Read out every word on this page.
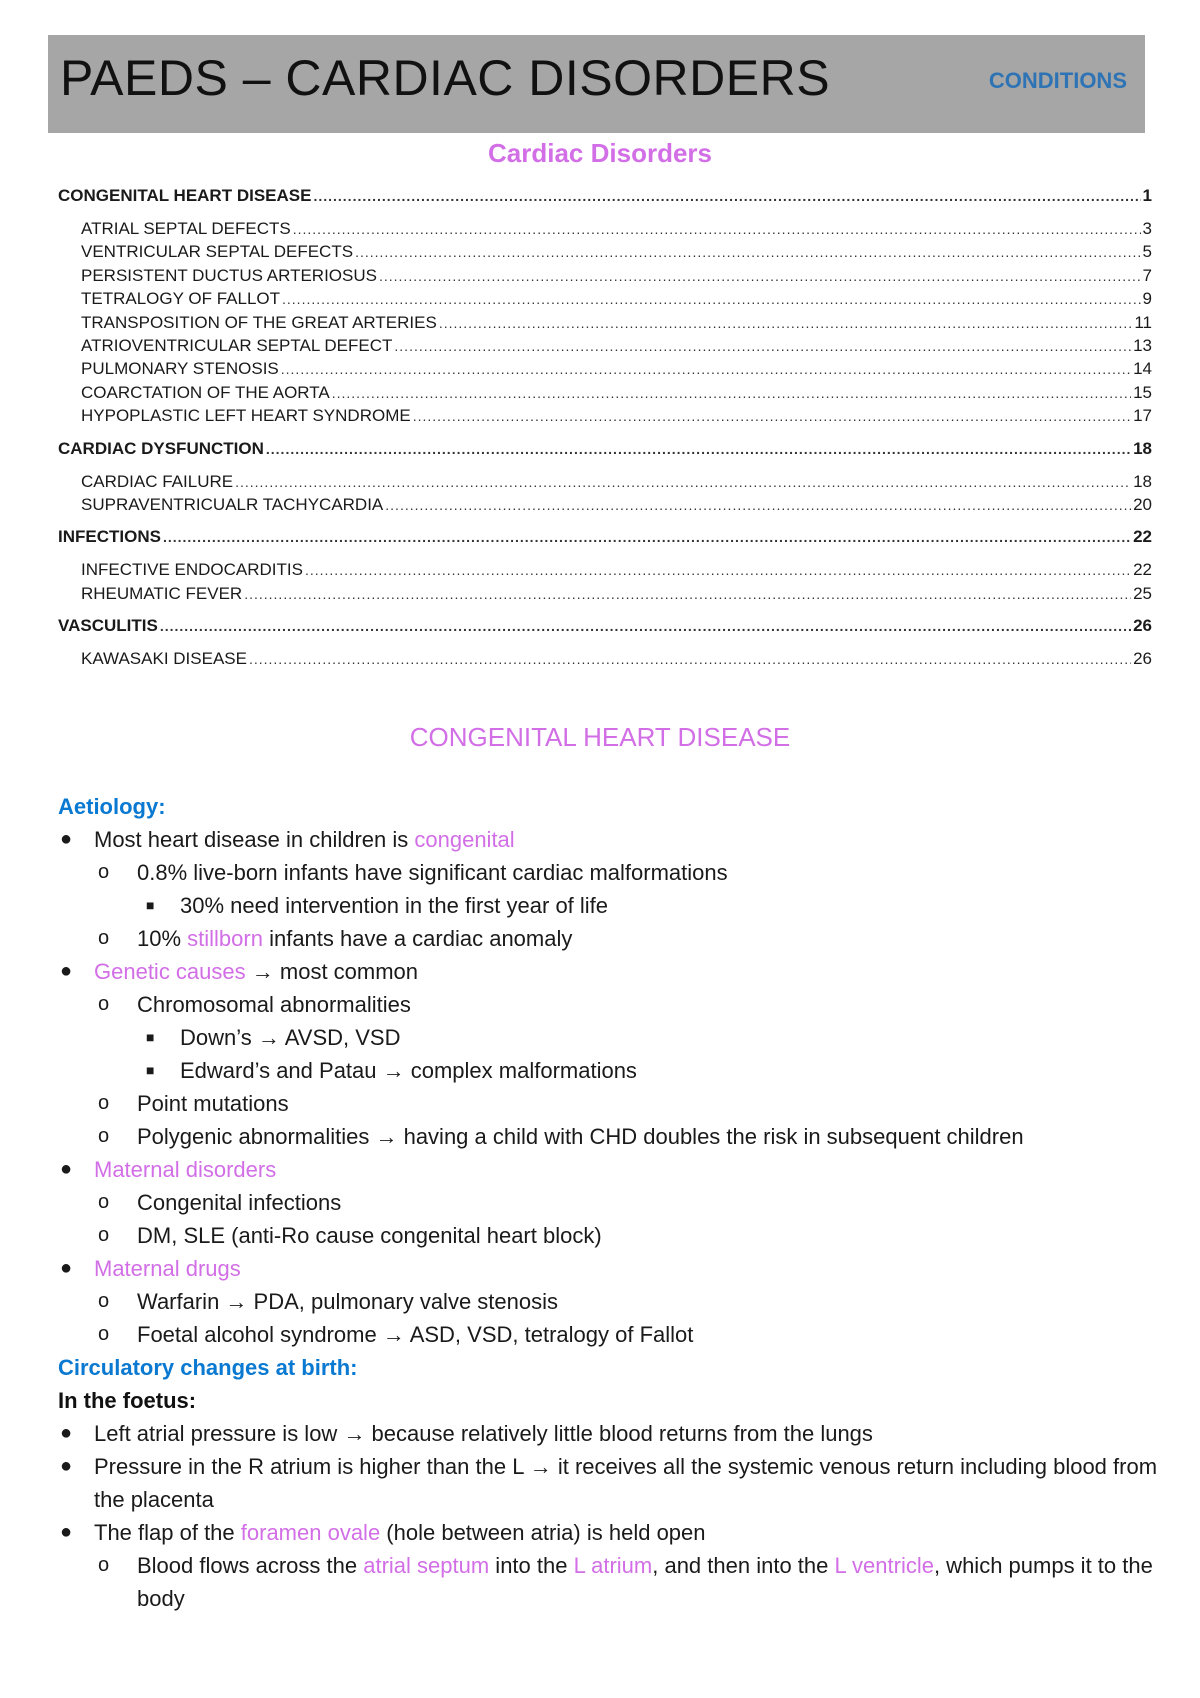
PAEDS – CARDIAC DISORDERS	CONDITIONS
Cardiac Disorders
CONGENITAL HEART DISEASE .....	1
ATRIAL SEPTAL DEFECTS .....	3
VENTRICULAR SEPTAL DEFECTS .....	5
PERSISTENT DUCTUS ARTERIOSUS .....	7
TETRALOGY OF FALLOT .....	9
TRANSPOSITION OF THE GREAT ARTERIES .....	11
ATRIOVENTRICULAR SEPTAL DEFECT .....	13
PULMONARY STENOSIS .....	14
COARCTATION OF THE AORTA .....	15
HYPOPLASTIC LEFT HEART SYNDROME .....	17
CARDIAC DYSFUNCTION .....	18
CARDIAC FAILURE .....	18
SUPRAVENTRICUALR TACHYCARDIA .....	20
INFECTIONS .....	22
INFECTIVE ENDOCARDITIS .....	22
RHEUMATIC FEVER .....	25
VASCULITIS .....	26
KAWASAKI DISEASE .....	26
CONGENITAL HEART DISEASE
Aetiology:
● Most heart disease in children is congenital
o 0.8% live-born infants have significant cardiac malformations
■ 30% need intervention in the first year of life
o 10% stillborn infants have a cardiac anomaly
● Genetic causes → most common
o Chromosomal abnormalities
■ Down’s → AVSD, VSD
■ Edward’s and Patau → complex malformations
o Point mutations
o Polygenic abnormalities → having a child with CHD doubles the risk in subsequent children
● Maternal disorders
o Congenital infections
o DM, SLE (anti-Ro cause congenital heart block)
● Maternal drugs
o Warfarin → PDA, pulmonary valve stenosis
o Foetal alcohol syndrome → ASD, VSD, tetralogy of Fallot
Circulatory changes at birth:
In the foetus:
● Left atrial pressure is low → because relatively little blood returns from the lungs
● Pressure in the R atrium is higher than the L → it receives all the systemic venous return including blood from the placenta
● The flap of the foramen ovale (hole between atria) is held open
o Blood flows across the atrial septum into the L atrium, and then into the L ventricle, which pumps it to the body
